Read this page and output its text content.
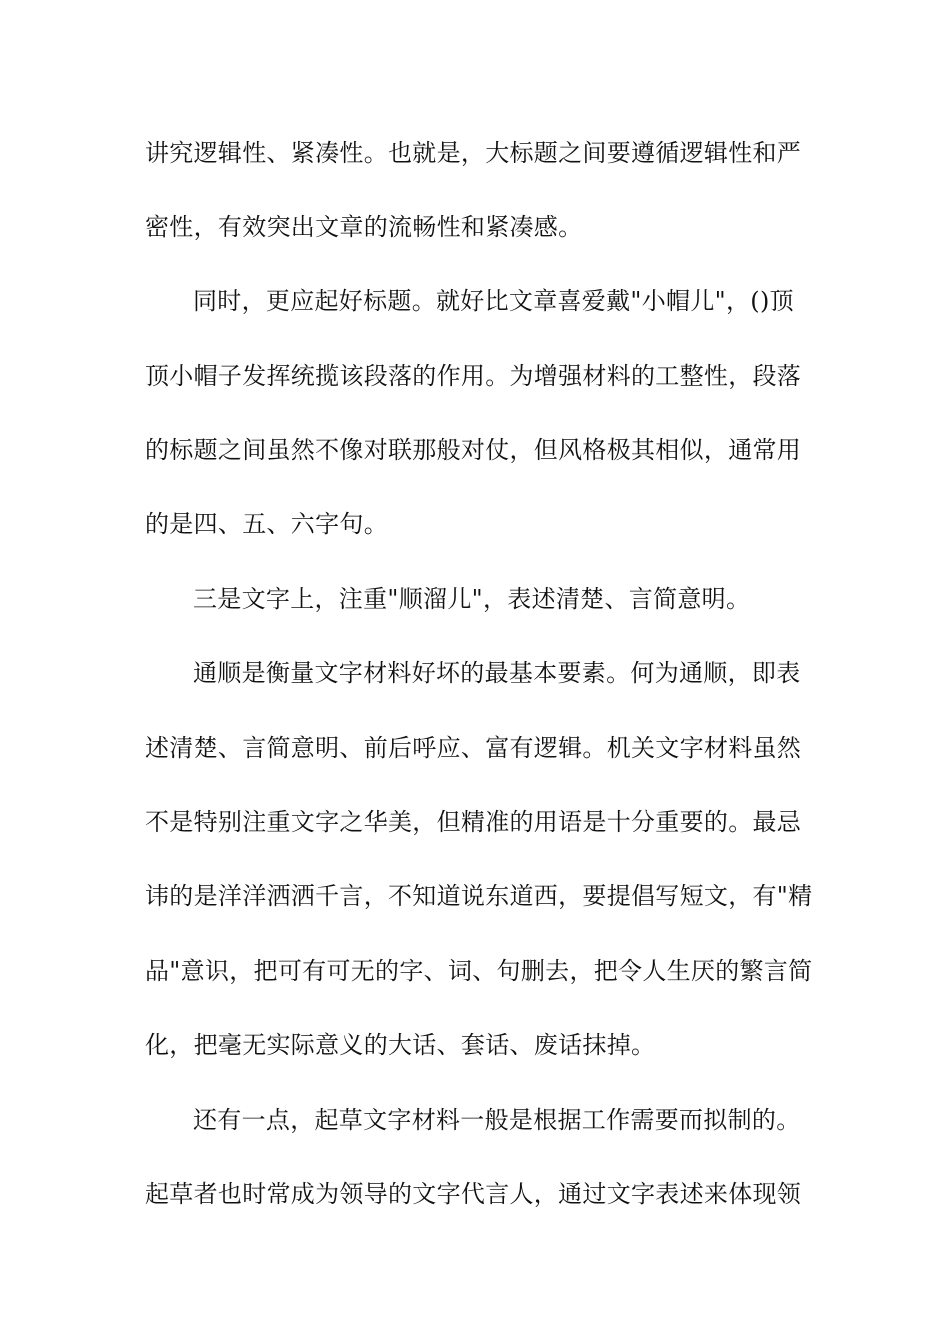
讲究逻辑性、紧凑性。也就是，大标题之间要遵循逻辑性和严
密性，有效突出文章的流畅性和紧凑感。
同时，更应起好标题。就好比文章喜爱戴"小帽儿"，()顶
顶小帽子发挥统揽该段落的作用。为增强材料的工整性，段落
的标题之间虽然不像对联那般对仗，但风格极其相似，通常用
的是四、五、六字句。
三是文字上，注重"顺溜儿"，表述清楚、言简意明。
通顺是衡量文字材料好坏的最基本要素。何为通顺，即表
述清楚、言简意明、前后呼应、富有逻辑。机关文字材料虽然
不是特别注重文字之华美，但精准的用语是十分重要的。最忌
讳的是洋洋洒洒千言，不知道说东道西，要提倡写短文，有"精
品"意识，把可有可无的字、词、句删去，把令人生厌的繁言简
化，把毫无实际意义的大话、套话、废话抹掉。
还有一点，起草文字材料一般是根据工作需要而拟制的。
起草者也时常成为领导的文字代言人，通过文字表述来体现领
